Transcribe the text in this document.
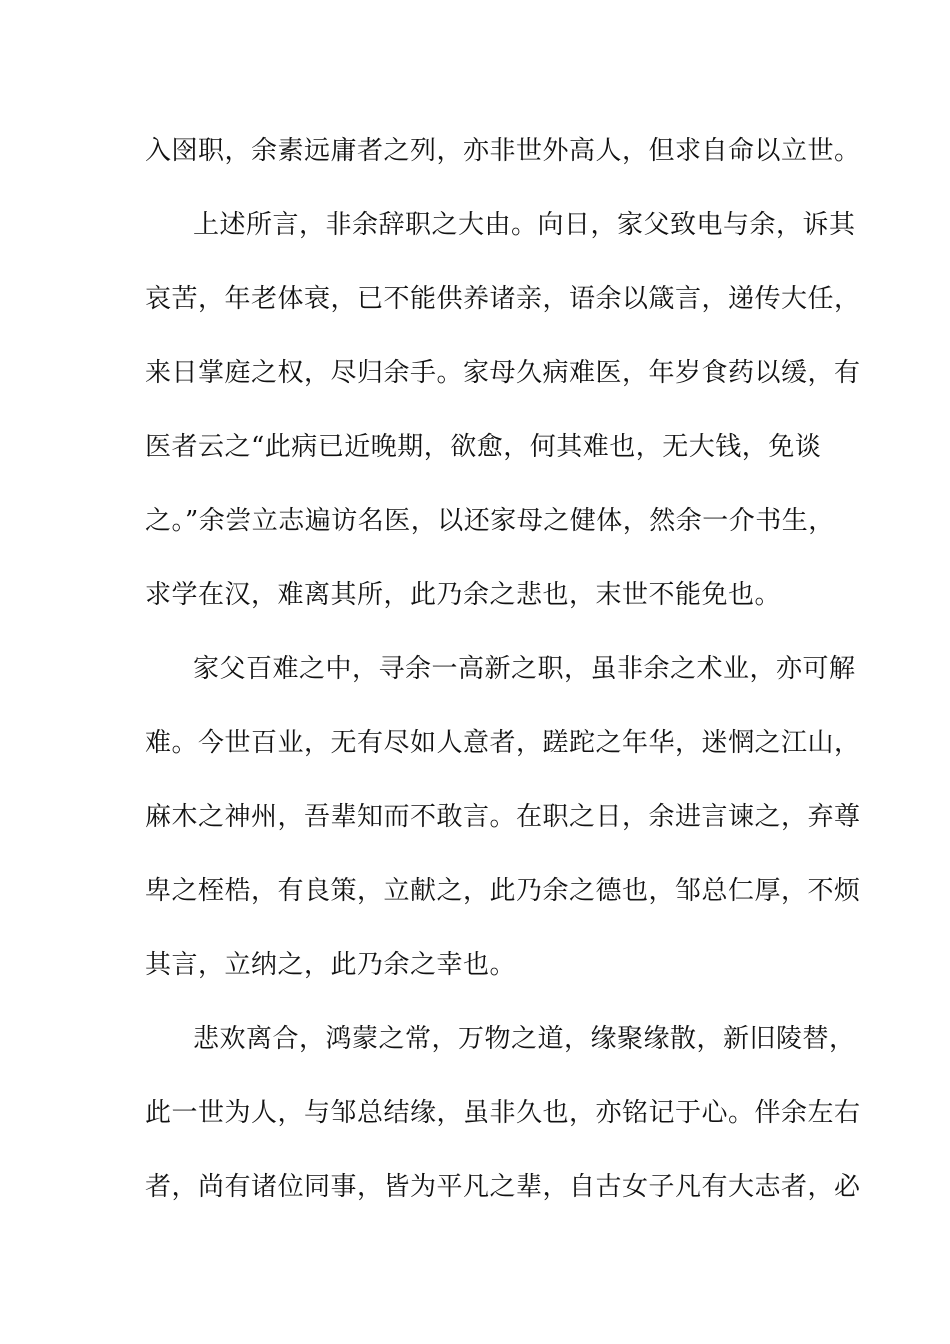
入囹职，余素远庸者之列，亦非世外高人，但求自命以立世。
上述所言，非余辞职之大由。向日，家父致电与余，诉其
哀苦，年老体衰，已不能供养诸亲，语余以箴言，递传大任，
来日掌庭之权，尽归余手。家母久病难医，年岁食药以缓，有
医者云之“此病已近晚期，欲愈，何其难也，无大钱，免谈
之。”余尝立志遍访名医，以还家母之健体，然余一介书生，
求学在汉，难离其所，此乃余之悲也，末世不能免也。
家父百难之中，寻余一高新之职，虽非余之术业，亦可解
难。今世百业，无有尽如人意者，蹉跎之年华，迷惘之江山，
麻木之神州，吾辈知而不敢言。在职之日，余进言谏之，弃尊
卑之桎梏，有良策，立献之，此乃余之德也，邹总仁厚，不烦
其言，立纳之，此乃余之幸也。
悲欢离合，鸿蒙之常，万物之道，缘聚缘散，新旧陵替，
此一世为人，与邹总结缘，虽非久也，亦铭记于心。伴余左右
者，尚有诸位同事，皆为平凡之辈，自古女子凡有大志者，必
